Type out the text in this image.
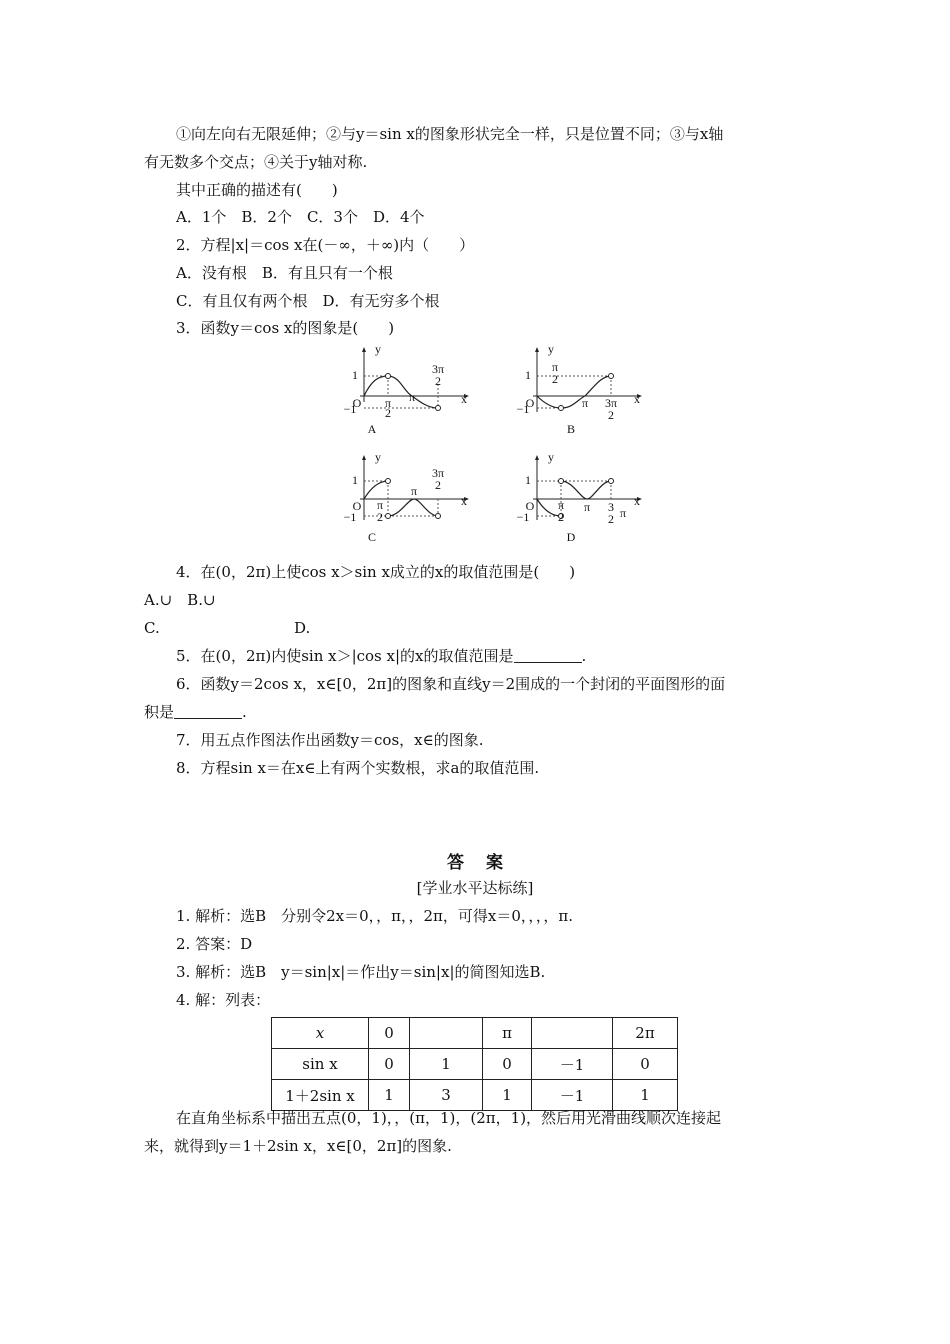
①向左向右无限延伸；②与y＝sin x的图象形状完全一样，只是位置不同；③与x轴
有无数多个交点；④关于y轴对称.
其中正确的描述有(　　)
A．1个　B．2个　C．3个　D．4个
2．方程|x|＝cos x在(－∞，＋∞)内（　　）
A．没有根　B．有且只有一个根
C．有且仅有两个根　D．有无穷多个根
3．函数y＝cos x的图象是(　　)
y
x
1
O
−1	π
2
π
3π
2
A
y
x
1
O
−1
π
2
π	3π
2
B
y
x
1
O
−1
π
2
π
3π
2
C
y
x
1
O
−1
π
2
π	3
2 π
D
4．在(0，2π)上使cos x＞sin x成立的x的取值范围是(　　)
A.∪　B.∪
C.	D.
5．在(0，2π)内使sin x＞|cos x|的x的取值范围是	.
6．函数y＝2cos x，x∈[0，2π]的图象和直线y＝2围成的一个封闭的平面图形的面
积是	.
7．用五点作图法作出函数y＝cos，x∈的图象.
8．方程sin x＝在x∈上有两个实数根，求a的取值范围.
答案
[学业水平达标练]
1. 解析：选B　分别令2x＝0，，π，，2π，可得x＝0，，，，π.
2. 答案：D
3. 解析：选B　y＝sin|x|＝作出y＝sin|x|的简图知选B.
4. 解：列表：
x	0		π		2π
sin x	0	1	0	－1	0
1＋2sin x	1	3	1	－1	1
在直角坐标系中描出五点(0，1)，，(π，1)，(2π，1)，然后用光滑曲线顺次连接起
来，就得到y＝1＋2sin x，x∈[0，2π]的图象.
